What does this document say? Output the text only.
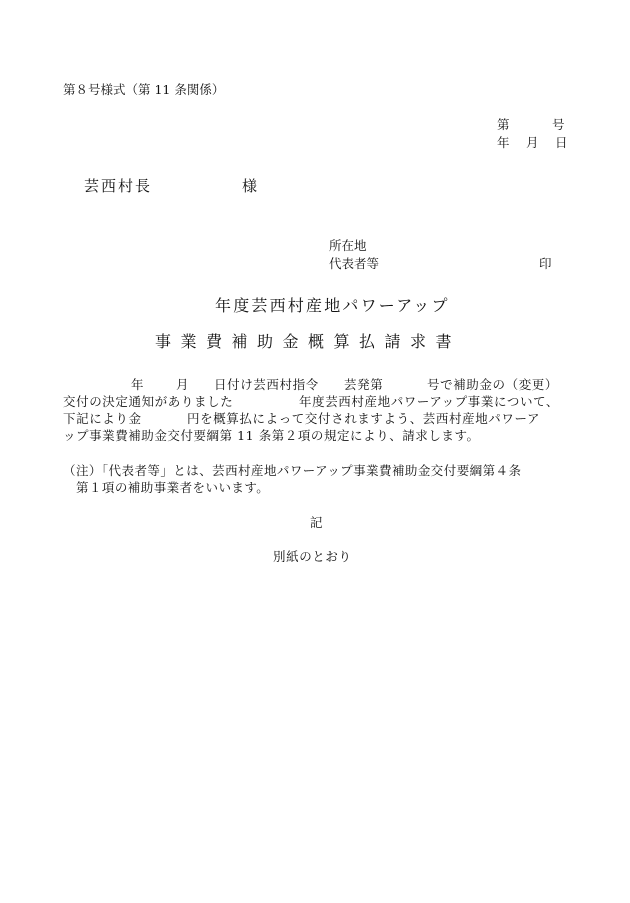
第８号様式（第 11 条関係）
第	号
年 月 日
芸西村長	様
所在地
代表者等	印
年度芸西村産地パワーアップ
事業費補助金概算払請求書
年	月 日付け芸西村指令 芸発第	号で補助金の（変更）
交付の決定通知がありました	年度芸西村産地パワーアップ事業について、
下記により金	円を概算払によって交付されますよう、芸西村産地パワーア
ップ事業費補助金交付要綱第 11 条第２項の規定により、請求します。
（注）「代表者等」とは、芸西村産地パワーアップ事業費補助金交付要綱第４条
第１項の補助事業者をいいます。
記
別紙のとおり
